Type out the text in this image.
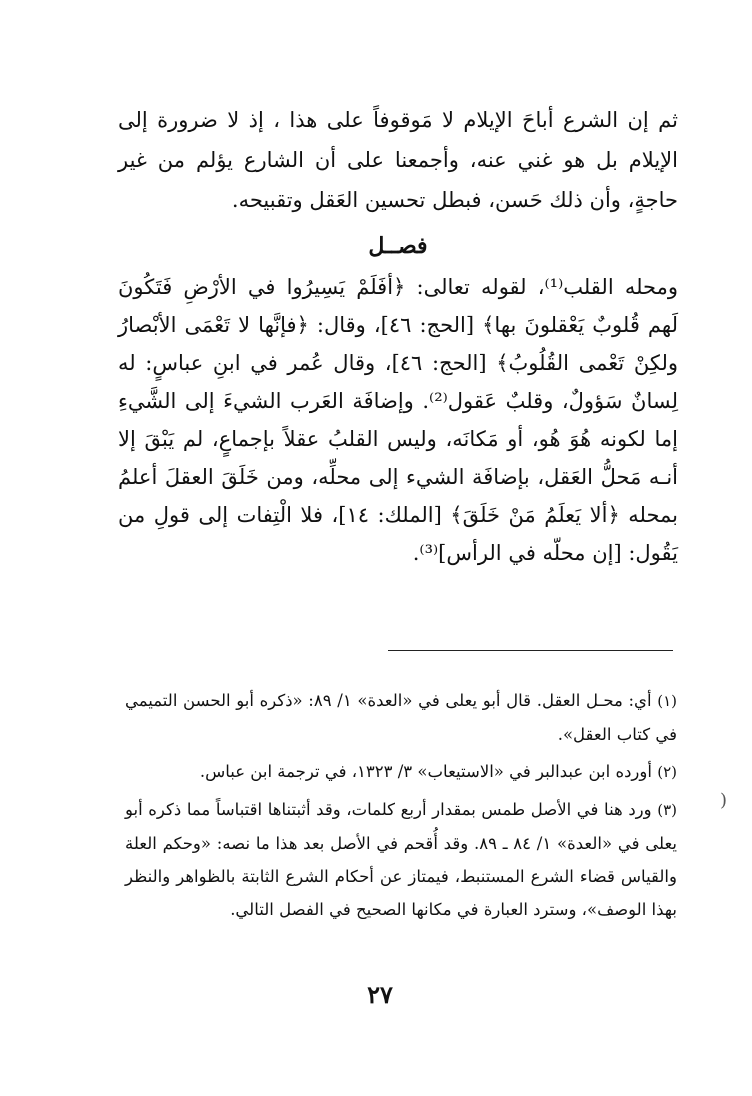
ثم إن الشرع أباحَ الإيلام لا مَوقوفاً على هذا ، إذ لا ضرورة إلى الإيلام بل هو غني عنه، وأجمعنا على أن الشارع يؤلم من غير حاجةٍ، وأن ذلك حَسن، فبطل تحسين العَقل وتقبيحه.

فصــل

ومحله القلب⁽¹⁾، لقوله تعالى: ﴿أفَلَمْ يَسِيرُوا في الأرْضِ فَتَكُونَ لَهم قُلوبٌ يَعْقلونَ بها﴾ [الحج: ٤٦]، وقال: ﴿فإنَّها لا تَعْمَى الأبْصارُ ولكِنْ تَعْمى القُلُوبُ﴾ [الحج: ٤٦]، وقال عُمر في ابنِ عباسٍ: له لِسانٌ سَؤولٌ، وقلبٌ عَقول⁽²⁾. وإضافَة العَرب الشيءَ إلى الشَّيءِ إما لكونه هُوَ هُو، أو مَكانَه، وليس القلبُ عقلاً بإجماعٍ، لم يَبْقَ إلا أنـه مَحلُّ العَقل، بإضافَة الشيء إلى محلِّه، ومن خَلَقَ العقلَ أعلمُ بمحله ﴿ألا يَعلَمُ مَنْ خَلَقَ﴾ [الملك: ١٤]، فلا الْتِفات إلى قولِ من يَقُول: [إن محلّه في الرأس]⁽³⁾.

(١) أي: محـل العقل. قال أبو يعلى في «العدة» ١/ ٨٩: «ذكره أبو الحسن التميمي في كتاب العقل».

(٢) أورده ابن عبدالبر في «الاستيعاب» ٣/ ١٣٢٣، في ترجمة ابن عباس.

(٣) ورد هنا في الأصل طمس بمقدار أربع كلمات، وقد أثبتناها اقتباساً مما ذكره أبو يعلى في «العدة» ١/ ٨٤ ـ ٨٩. وقد أُقحم في الأصل بعد هذا ما نصه: «وحكم العلة والقياس قضاء الشرع المستنبط، فيمتاز عن أحكام الشرع الثابتة بالظواهر والنظر بهذا الوصف»، وسترد العبارة في مكانها الصحيح في الفصل التالي.

)
٢٧
